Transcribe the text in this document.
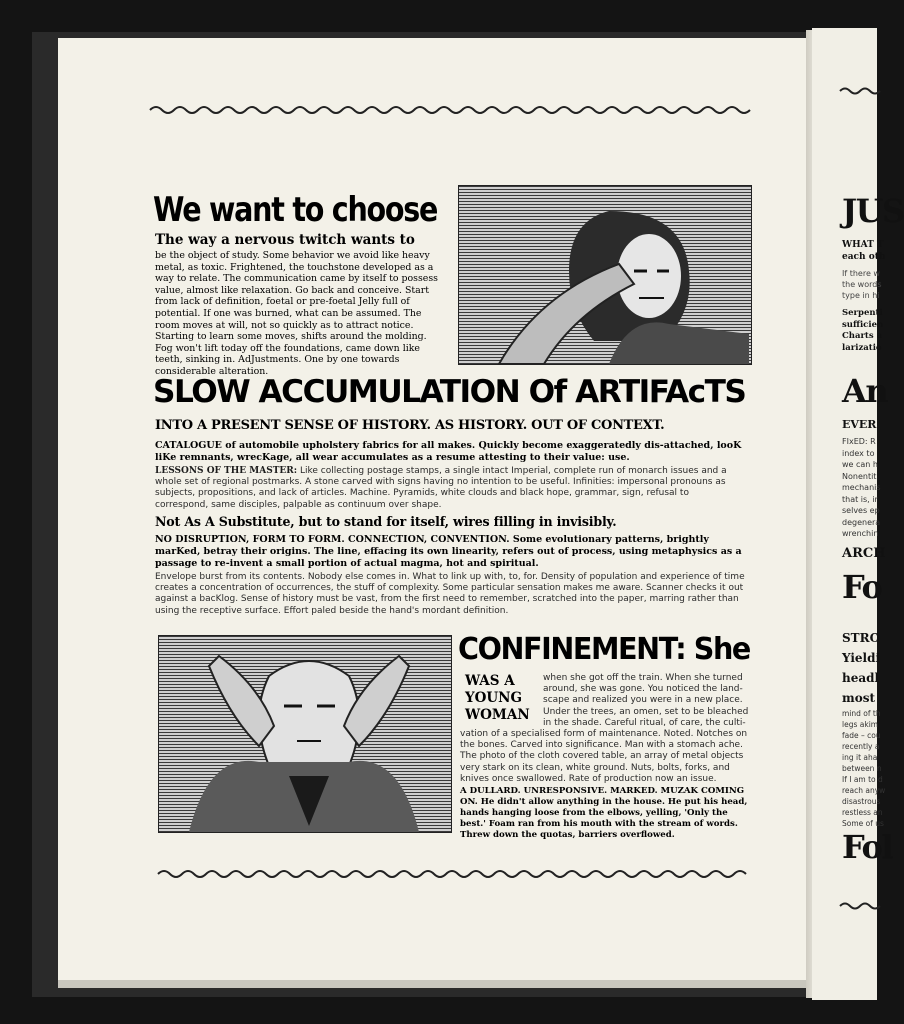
We want to choose
The way a nervous twitch wants to

be the object of study. Some behavior we avoid like heavy metal, as toxic. Frightened, the touchstone developed as a way to relate. The communication came by itself to possess value, almost like relaxation. Go back and conceive. Start from lack of definition, foetal or pre-foetal Jelly full of potential. If one was burned, what can be assumed. The room moves at will, not so quickly as to attract notice. Starting to learn some moves, shifts around the molding. Fog won't lift today off the foundations, came down like teeth, sinking in. AdJustments. One by one towards considerable alteration.

SLOW ACCUMULATION Of ARTIFAcTS
INTO A PRESENT SENSE OF HISTORY. AS HISTORY. OUT OF CONTEXT.

CATALOGUE of automobile upholstery fabrics for all makes. Quickly become exaggeratedly dis-attached, looK liKe remnants, wrecKage, all wear accumulates as a resume attesting to their value: use.

LESSONS OF THE MASTER: Like collecting postage stamps, a single intact Imperial, complete run of monarch issues and a whole set of regional postmarks. A stone carved with signs having no intention to be useful. Infinities: impersonal pronouns as subjects, propositions, and lack of articles. Machine. Pyramids, white clouds and black hope, grammar, sign, refusal to correspond, same disciples, palpable as continuum over shape.

Not As A Substitute, but to stand for itself, wires filling in invisibly.

NO DISRUPTION, FORM TO FORM. CONNECTION, CONVENTION. Some evolutionary patterns, brightly marKed, betray their origins. The line, effacing its own linearity, refers out of process, using metaphysics as a passage to re-invent a small portion of actual magma, hot and spiritual.

Envelope burst from its contents. Nobody else comes in. What to link up with, to, for. Density of population and experience of time creates a concentration of occurrences, the stuff of complexity. Some particular sensation makes me aware. Scanner checks it out against a bacKlog. Sense of history must be vast, from the first need to remember, scratched into the paper, marring rather than using the receptive surface. Effort paled beside the hand's mordant definition.

CONFINEMENT: She
WAS A
YOUNG
WOMAN
when she got off the train. When she turned
around, she was gone. You noticed the land-
scape and realized you were in a new place.
Under the trees, an omen, set to be bleached
in the shade. Careful ritual, of care, the culti-

vation of a specialised form of maintenance. Noted. Notches on the bones. Carved into significance. Man with a stomach ache. The photo of the cloth covered table, an array of metal objects very stark on its clean, white ground. Nuts, bolts, forks, and knives once swallowed. Rate of production now an issue.

A DULLARD. UNRESPONSIVE. MARKED. MUZAK COMING ON. He didn't allow anything in the house. He put his head, hands hanging loose from the elbows, yelling, 'Only the best.' Foam ran from his mouth with the stream of words. Threw down the quotas, barriers overflowed.

JUS
WHAT T
each oth
If there w
the words
type in hi
Serpenti
sufficien
Charts a
larizatio
An
EVER
FIxED: R
index to
we can h
Nonentit
mechanis
that is, ir
selves ep
degenera
wrenchin
ARCH
Fo
STRO
Yieldi
headl
most
mind of th
legs akim
fade – cou
recently a
ing it aha
between n
If I am to d
reach anyw
disastrous
restless an
Some of us
Fol
